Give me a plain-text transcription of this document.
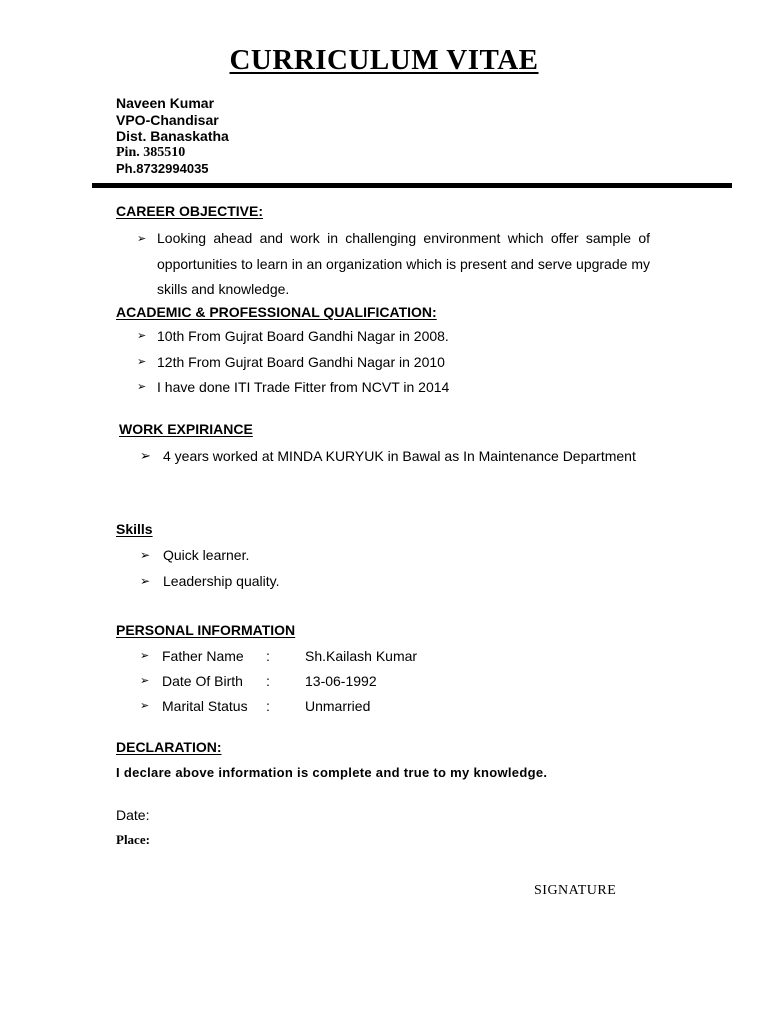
CURRICULUM VITAE
Naveen Kumar
VPO-Chandisar
Dist. Banaskatha
Pin. 385510
Ph.8732994035
CAREER OBJECTIVE:
➢ Looking ahead and work in challenging environment which offer sample of opportunities to learn in an organization which is present and serve upgrade my skills and knowledge.
ACADEMIC & PROFESSIONAL QUALIFICATION:
➢ 10th From Gujrat Board Gandhi Nagar in 2008.
➢ 12th From Gujrat Board Gandhi Nagar in 2010
➢ I have done ITI Trade Fitter from NCVT in 2014
WORK EXPIRIANCE
➢ 4 years worked at MINDA KURYUK in Bawal as In Maintenance Department
Skills
➢ Quick learner.
➢ Leadership quality.
PERSONAL INFORMATION
➢ Father Name :	Sh.Kailash Kumar
➢ Date Of Birth :	13-06-1992
➢ Marital Status :	Unmarried
DECLARATION:
I declare above information is complete and true to my knowledge.
Date:
Place:
SIGNATURE
